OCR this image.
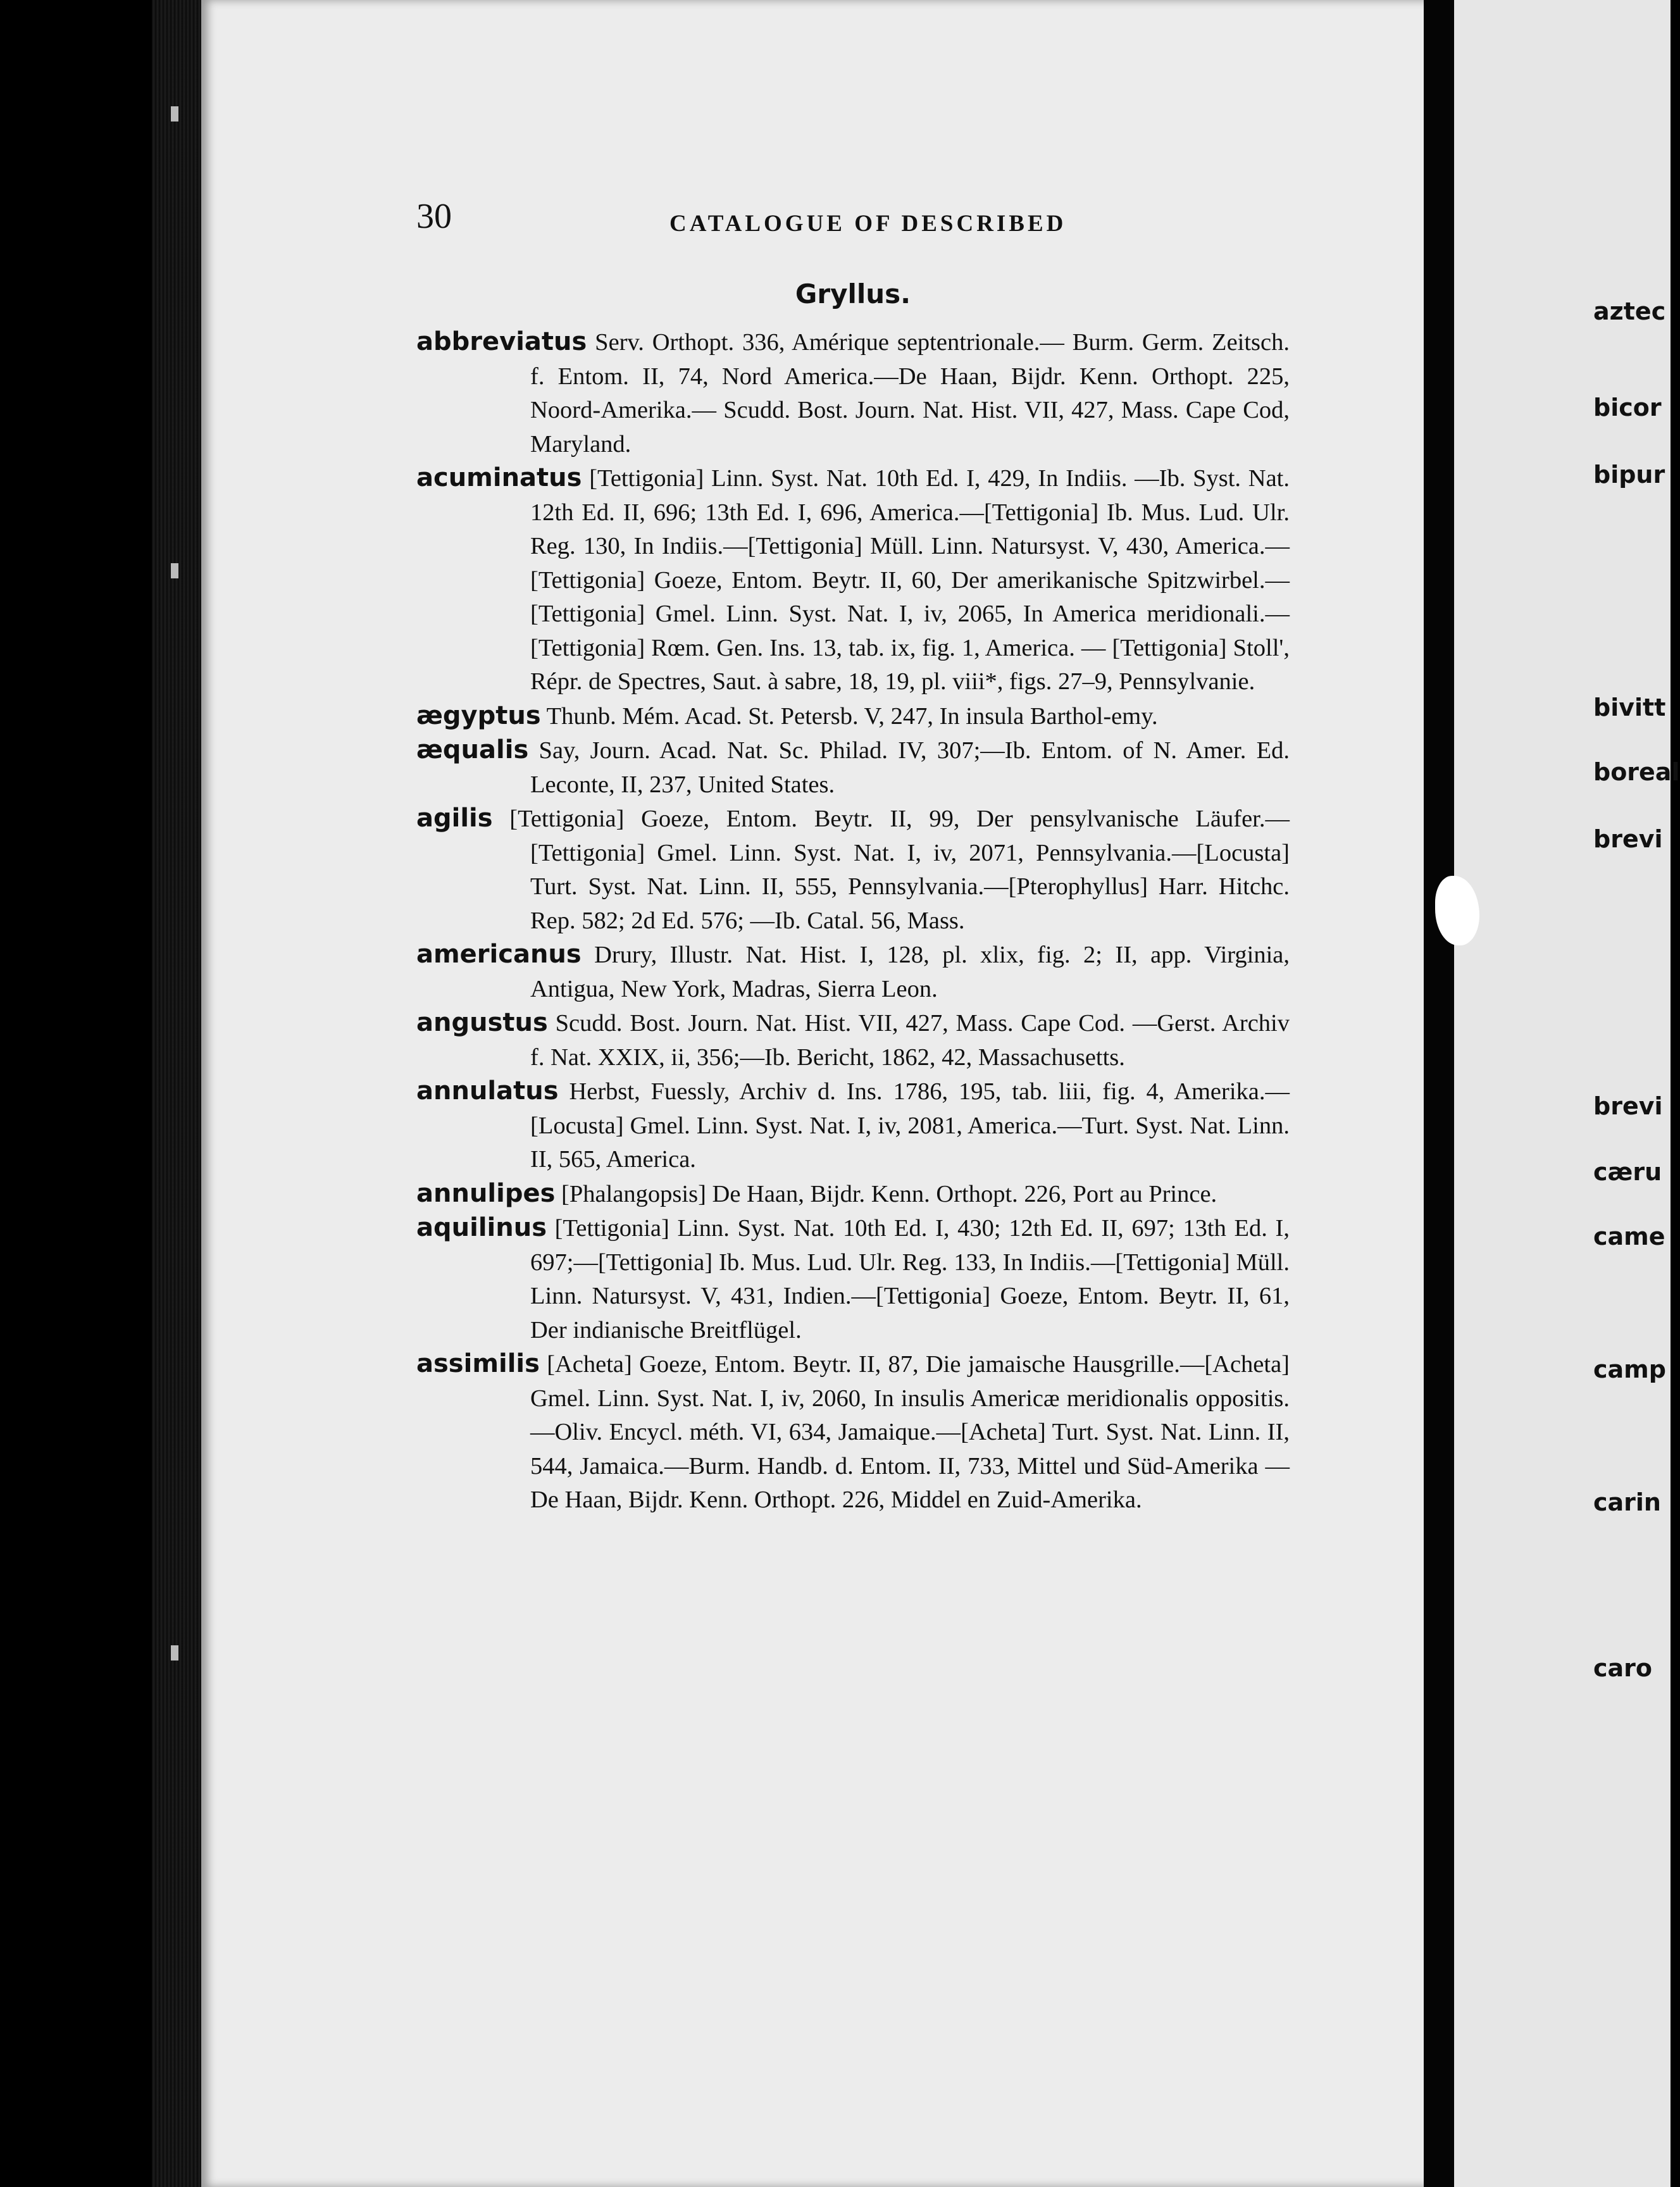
30	CATALOGUE OF DESCRIBED
Gryllus.

abbreviatus Serv. Orthopt. 336, Amérique septentrionale.— Burm. Germ. Zeitsch. f. Entom. II, 74, Nord America.—De Haan, Bijdr. Kenn. Orthopt. 225, Noord-Amerika.— Scudd. Bost. Journ. Nat. Hist. VII, 427, Mass. Cape Cod, Maryland.

acuminatus [Tettigonia] Linn. Syst. Nat. 10th Ed. I, 429, In Indiis. —Ib. Syst. Nat. 12th Ed. II, 696; 13th Ed. I, 696, America.—[Tettigonia] Ib. Mus. Lud. Ulr. Reg. 130, In Indiis.—[Tettigonia] Müll. Linn. Natursyst. V, 430, America.—[Tettigonia] Goeze, Entom. Beytr. II, 60, Der amerikanische Spitzwirbel.—[Tettigonia] Gmel. Linn. Syst. Nat. I, iv, 2065, In America meridionali.—[Tettigonia] Rœm. Gen. Ins. 13, tab. ix, fig. 1, America. — [Tettigonia] Stoll', Répr. de Spectres, Saut. à sabre, 18, 19, pl. viii*, figs. 27–9, Pennsylvanie.

ægyptus Thunb. Mém. Acad. St. Petersb. V, 247, In insula Barthol-emy.

æqualis Say, Journ. Acad. Nat. Sc. Philad. IV, 307;—Ib. Entom. of N. Amer. Ed. Leconte, II, 237, United States.

agilis [Tettigonia] Goeze, Entom. Beytr. II, 99, Der pensylvanische Läufer.—[Tettigonia] Gmel. Linn. Syst. Nat. I, iv, 2071, Pennsylvania.—[Locusta] Turt. Syst. Nat. Linn. II, 555, Pennsylvania.—[Pterophyllus] Harr. Hitchc. Rep. 582; 2d Ed. 576; —Ib. Catal. 56, Mass.

americanus Drury, Illustr. Nat. Hist. I, 128, pl. xlix, fig. 2; II, app. Virginia, Antigua, New York, Madras, Sierra Leon.

angustus Scudd. Bost. Journ. Nat. Hist. VII, 427, Mass. Cape Cod. —Gerst. Archiv f. Nat. XXIX, ii, 356;—Ib. Bericht, 1862, 42, Massachusetts.

annulatus Herbst, Fuessly, Archiv d. Ins. 1786, 195, tab. liii, fig. 4, Amerika.—[Locusta] Gmel. Linn. Syst. Nat. I, iv, 2081, America.—Turt. Syst. Nat. Linn. II, 565, America.

annulipes [Phalangopsis] De Haan, Bijdr. Kenn. Orthopt. 226, Port au Prince.

aquilinus [Tettigonia] Linn. Syst. Nat. 10th Ed. I, 430; 12th Ed. II, 697; 13th Ed. I, 697;—[Tettigonia] Ib. Mus. Lud. Ulr. Reg. 133, In Indiis.—[Tettigonia] Müll. Linn. Natursyst. V, 431, Indien.—[Tettigonia] Goeze, Entom. Beytr. II, 61, Der indianische Breitflügel.

assimilis [Acheta] Goeze, Entom. Beytr. II, 87, Die jamaische Hausgrille.—[Acheta] Gmel. Linn. Syst. Nat. I, iv, 2060, In insulis Americæ meridionalis oppositis.—Oliv. Encycl. méth. VI, 634, Jamaique.—[Acheta] Turt. Syst. Nat. Linn. II, 544, Jamaica.—Burm. Handb. d. Entom. II, 733, Mittel und Süd-Amerika —De Haan, Bijdr. Kenn. Orthopt. 226, Middel en Zuid-Amerika.

aztec
bicor
bipur
bivitt
boreal
brevi
brevi
cæru
came
camp
carin
caro
